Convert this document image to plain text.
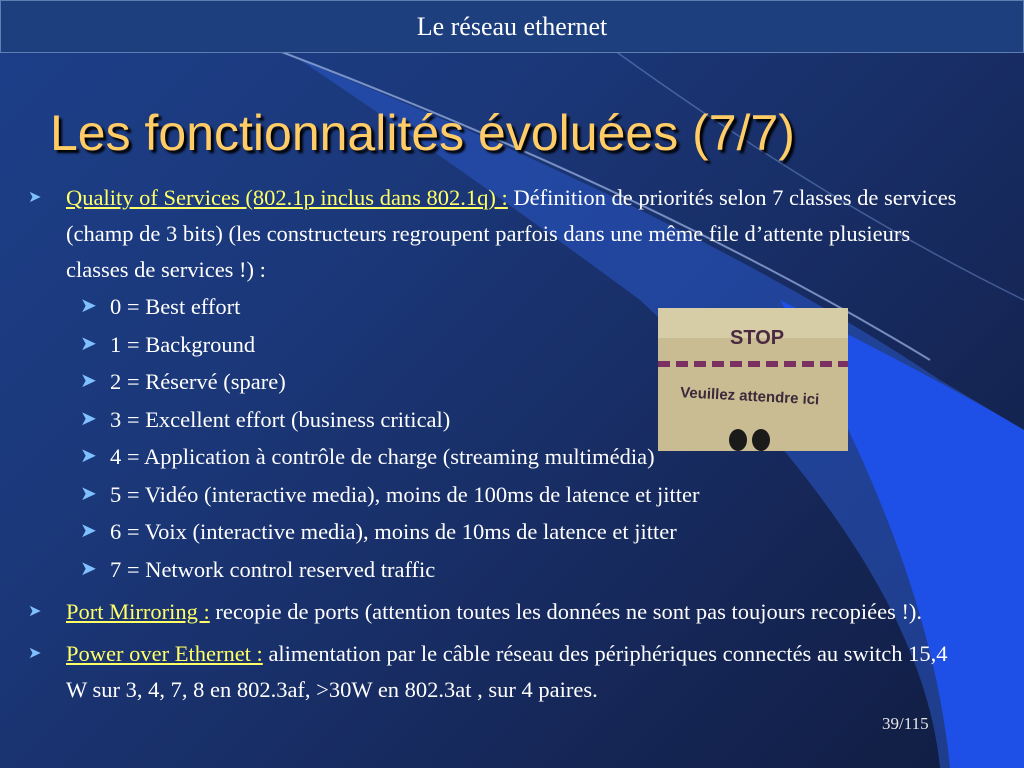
Le réseau ethernet
Les fonctionnalités évoluées (7/7)
➤ Quality of Services (802.1p inclus dans 802.1q) : Définition de priorités selon 7 classes de services (champ de 3 bits) (les constructeurs regroupent parfois dans une même file d’attente plusieurs classes de services !) :
➤ 0 = Best effort
➤ 1 = Background
➤ 2 = Réservé (spare)
➤ 3 = Excellent effort (business critical)
➤ 4 = Application à contrôle de charge (streaming multimédia)
➤ 5 = Vidéo (interactive media), moins de 100ms de latence et jitter
➤ 6 = Voix (interactive media), moins de 10ms de latence et jitter
➤ 7 = Network control reserved traffic
➤ Port Mirroring : recopie de ports (attention toutes les données ne sont pas toujours recopiées !).
➤ Power over Ethernet : alimentation par le câble réseau des périphériques connectés au switch 15,4 W sur 3, 4, 7, 8 en 802.3af, >30W en 802.3at , sur 4 paires.
STOP
Veuillez attendre ici
39/115
